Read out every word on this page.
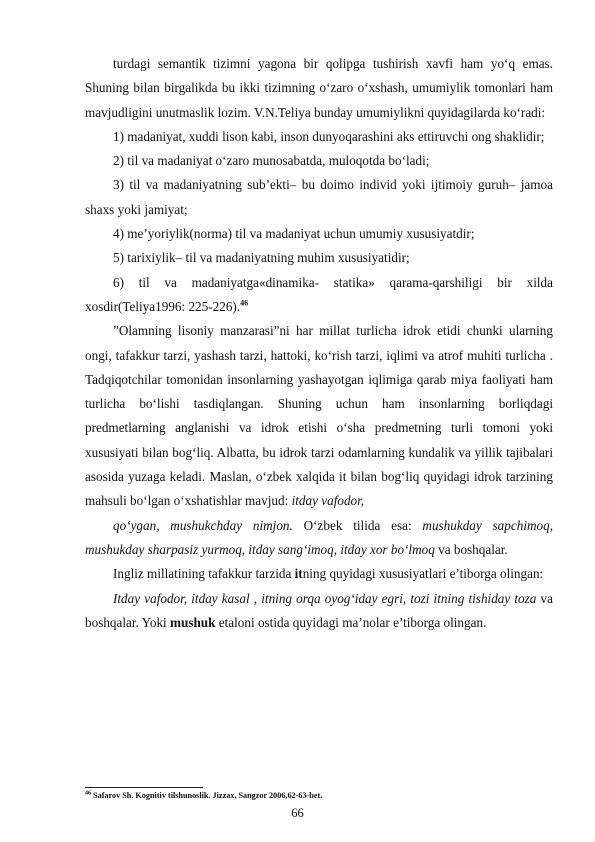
turdagi semantik tizimni yagona bir qolipga tushirish xavfi ham yo‘q emas. Shuning bilan birgalikda bu ikki tizimning o‘zaro o‘xshash, umumiylik tomonlari ham mavjudligini unutmaslik lozim. V.N.Teliya bunday umumiylikni quyidagilarda ko‘radi:

1) madaniyat, xuddi lison kabi, inson dunyoqarashini aks ettiruvchi ong shaklidir;

2) til va madaniyat o‘zaro munosabatda, muloqotda bo‘ladi;

3) til va madaniyatning sub’ekti– bu doimo individ yoki ijtimoiy guruh– jamoa shaxs yoki jamiyat;

4) me’yoriylik(norma) til va madaniyat uchun umumiy xususiyatdir;

5) tarixiylik– til va madaniyatning muhim xususiyatidir;

6) til va madaniyatga«dinamika- statika» qarama-qarshiligi bir xilda xosdir(Teliya1996: 225-226).$^{46}$

”Olamning lisoniy manzarasi”ni har millat turlicha idrok etidi chunki ularning ongi, tafakkur tarzi, yashash tarzi, hattoki, ko‘rish tarzi, iqlimi va atrof muhiti turlicha . Tadqiqotchilar tomonidan insonlarning yashayotgan iqlimiga qarab miya faoliyati ham turlicha bo‘lishi tasdiqlangan. Shuning uchun ham insonlarning borliqdagi predmetlarning anglanishi va idrok etishi o‘sha predmetning turli tomoni yoki xususiyati bilan bog‘liq. Albatta, bu idrok tarzi odamlarning kundalik va yillik tajibalari asosida yuzaga keladi. Maslan, o‘zbek xalqida it bilan bog‘liq quyidagi idrok tarzining mahsuli bo‘lgan o‘xshatishlar mavjud: itday vafodor,

qo‘ygan, mushukchday nimjon. O‘zbek tilida esa: mushukday sapchimoq, mushukday sharpasiz yurmoq, itday sang‘imoq, itday xor bo‘lmoq va boshqalar.

Ingliz millatining tafakkur tarzida itning quyidagi xususiyatlari e’tiborga olingan:

Itday vafodor, itday kasal , itning orqa oyog‘iday egri, tozi itning tishiday toza va boshqalar. Yoki mushuk etaloni ostida quyidagi ma’nolar e’tiborga olingan.

$^{46}$ Safarov Sh. Kognitiv tilshunoslik. Jizzax, Sangzor 2006,62-63-bet.
66
